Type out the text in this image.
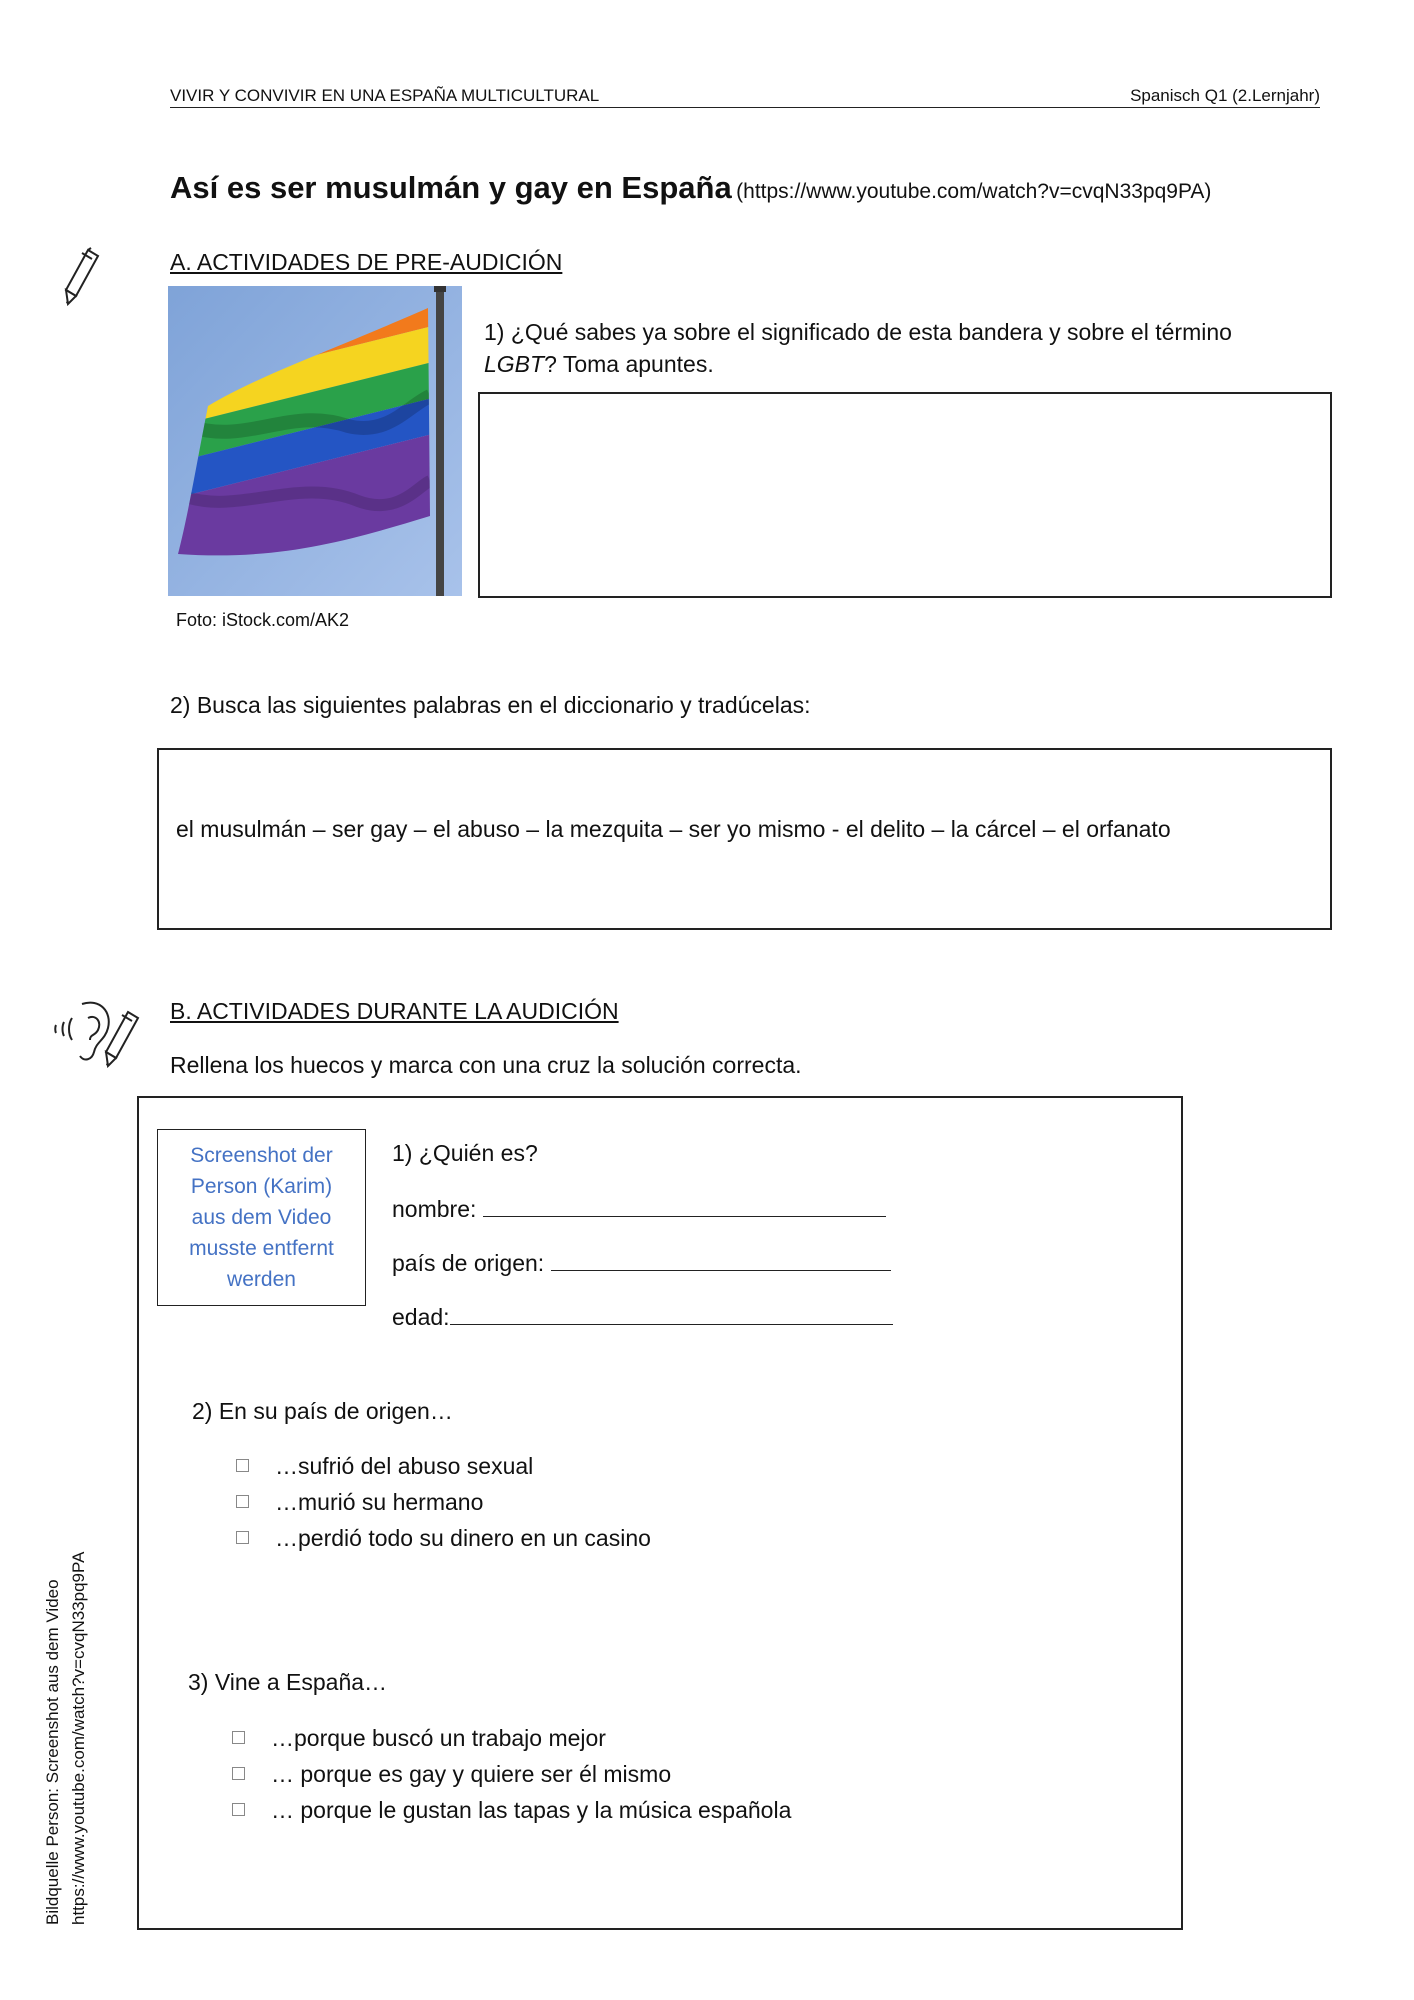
VIVIR Y CONVIVIR EN UNA ESPAÑA MULTICULTURAL	Spanisch Q1 (2.Lernjahr)
Así es ser musulmán y gay en España (https://www.youtube.com/watch?v=cvqN33pq9PA)
A. ACTIVIDADES DE PRE-AUDICIÓN
Foto: iStock.com/AK2
1) ¿Qué sabes ya sobre el significado de esta bandera y sobre el término LGBT? Toma apuntes.
2) Busca las siguientes palabras en el diccionario y tradúcelas:
el musulmán – ser gay – el abuso – la mezquita – ser yo mismo - el delito – la cárcel – el orfanato
B. ACTIVIDADES DURANTE LA AUDICIÓN
Rellena los huecos y marca con una cruz la solución correcta.
Screenshot der
Person (Karim)
aus dem Video
musste entfernt
werden
1) ¿Quién es?
nombre:
país de origen:
edad:
2) En su país de origen…
…sufrió del abuso sexual
…murió su hermano
…perdió todo su dinero en un casino
3) Vine a España…
…porque buscó un trabajo mejor
… porque es gay y quiere ser él mismo
… porque le gustan las tapas y la música española
Bildquelle Person: Screenshot aus dem Video https://www.youtube.com/watch?v=cvqN33pq9PA
